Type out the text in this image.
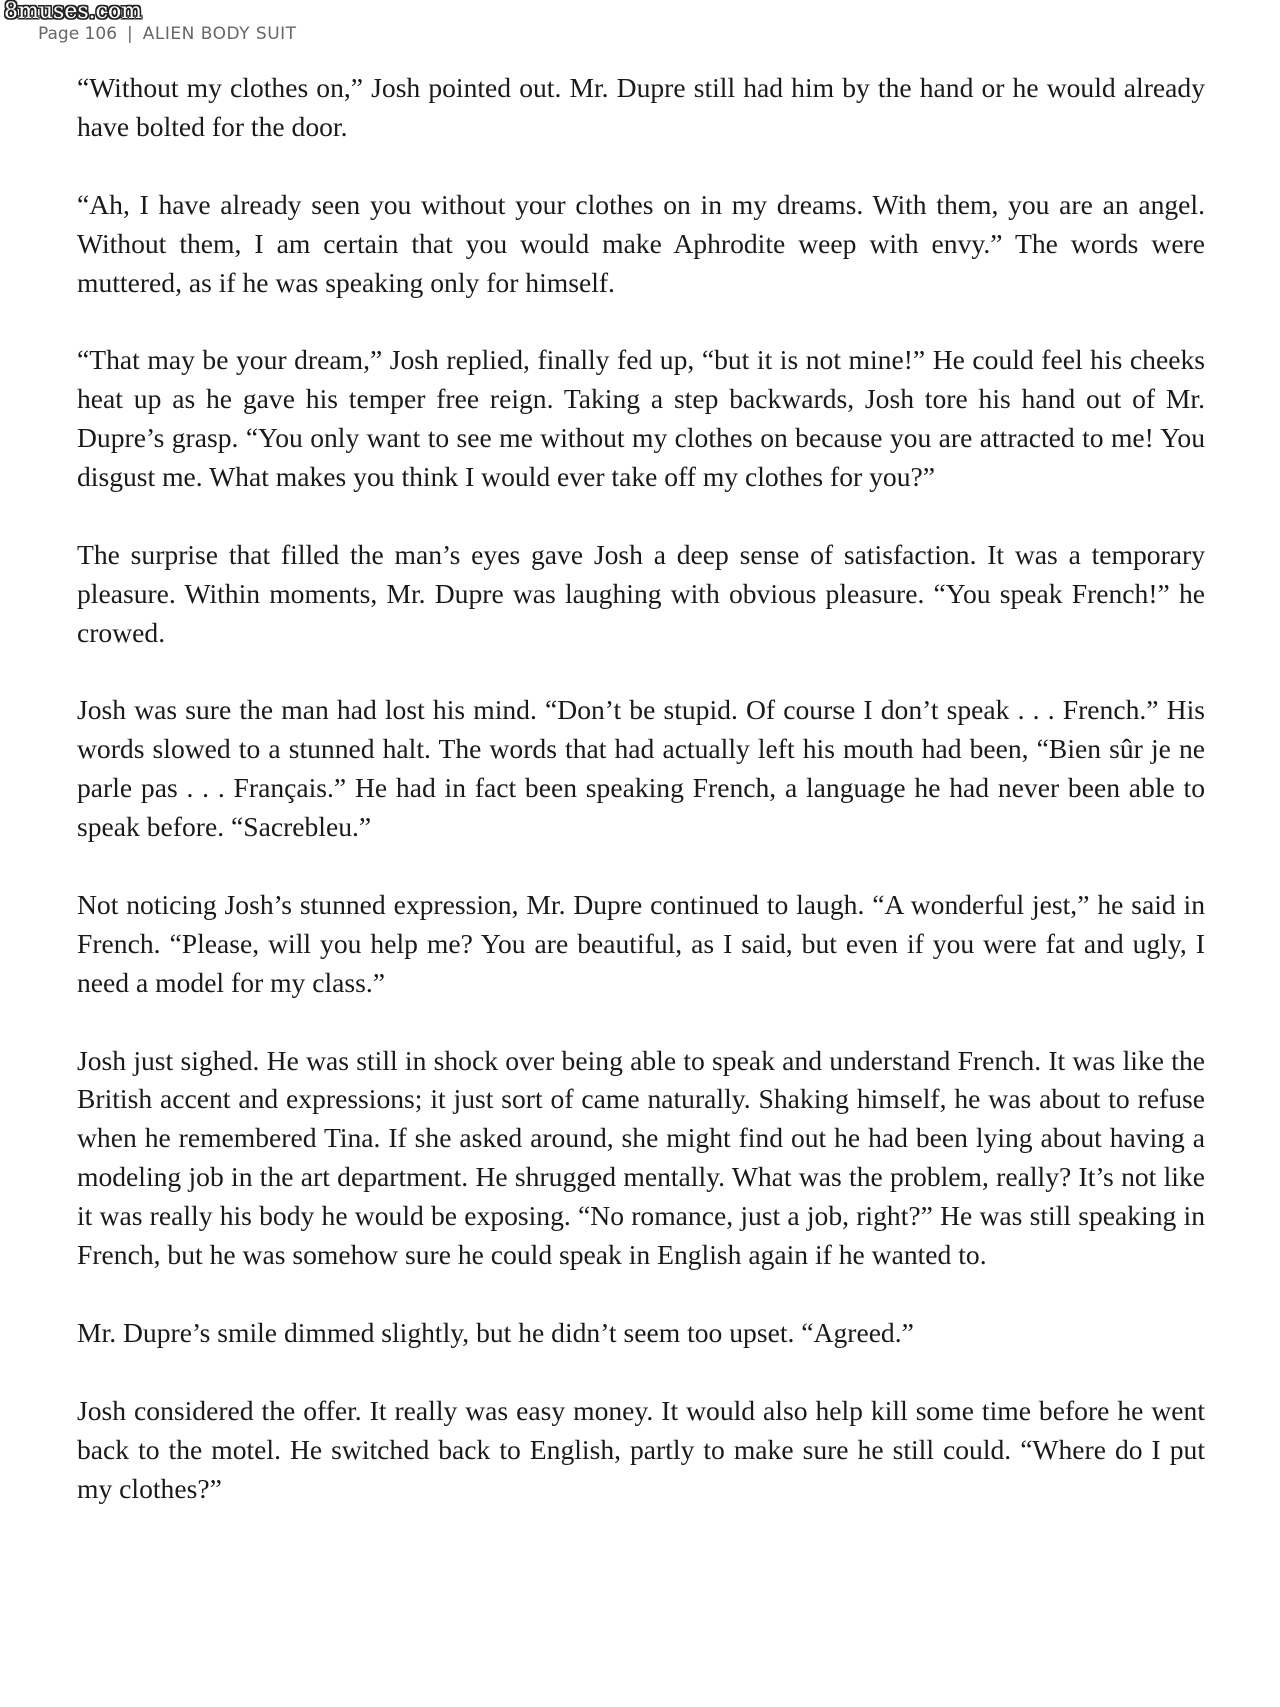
8muses.com
Page 106 | ALIEN BODY SUIT

“Without my clothes on,” Josh pointed out. Mr. Dupre still had him by the hand or he would already have bolted for the door.

“Ah, I have already seen you without your clothes on in my dreams. With them, you are an angel. Without them, I am certain that you would make Aphrodite weep with envy.” The words were muttered, as if he was speaking only for himself.

“That may be your dream,” Josh replied, finally fed up, “but it is not mine!” He could feel his cheeks heat up as he gave his temper free reign. Taking a step backwards, Josh tore his hand out of Mr. Dupre’s grasp. “You only want to see me without my clothes on because you are attracted to me! You disgust me. What makes you think I would ever take off my clothes for you?”

The surprise that filled the man’s eyes gave Josh a deep sense of satisfaction. It was a temporary pleasure. Within moments, Mr. Dupre was laughing with obvious pleasure. “You speak French!” he crowed.

Josh was sure the man had lost his mind. “Don’t be stupid. Of course I don’t speak . . . French.” His words slowed to a stunned halt. The words that had actually left his mouth had been, “Bien sûr je ne parle pas . . . Français.” He had in fact been speaking French, a language he had never been able to speak before. “Sacrebleu.”

Not noticing Josh’s stunned expression, Mr. Dupre continued to laugh. “A wonderful jest,” he said in French. “Please, will you help me? You are beautiful, as I said, but even if you were fat and ugly, I need a model for my class.”

Josh just sighed. He was still in shock over being able to speak and understand French. It was like the British accent and expressions; it just sort of came naturally. Shaking himself, he was about to refuse when he remembered Tina. If she asked around, she might find out he had been lying about having a modeling job in the art department. He shrugged mentally. What was the problem, really? It’s not like it was really his body he would be exposing. “No romance, just a job, right?” He was still speaking in French, but he was somehow sure he could speak in English again if he wanted to.

Mr. Dupre’s smile dimmed slightly, but he didn’t seem too upset. “Agreed.”

Josh considered the offer. It really was easy money. It would also help kill some time before he went back to the motel. He switched back to English, partly to make sure he still could. “Where do I put my clothes?”
